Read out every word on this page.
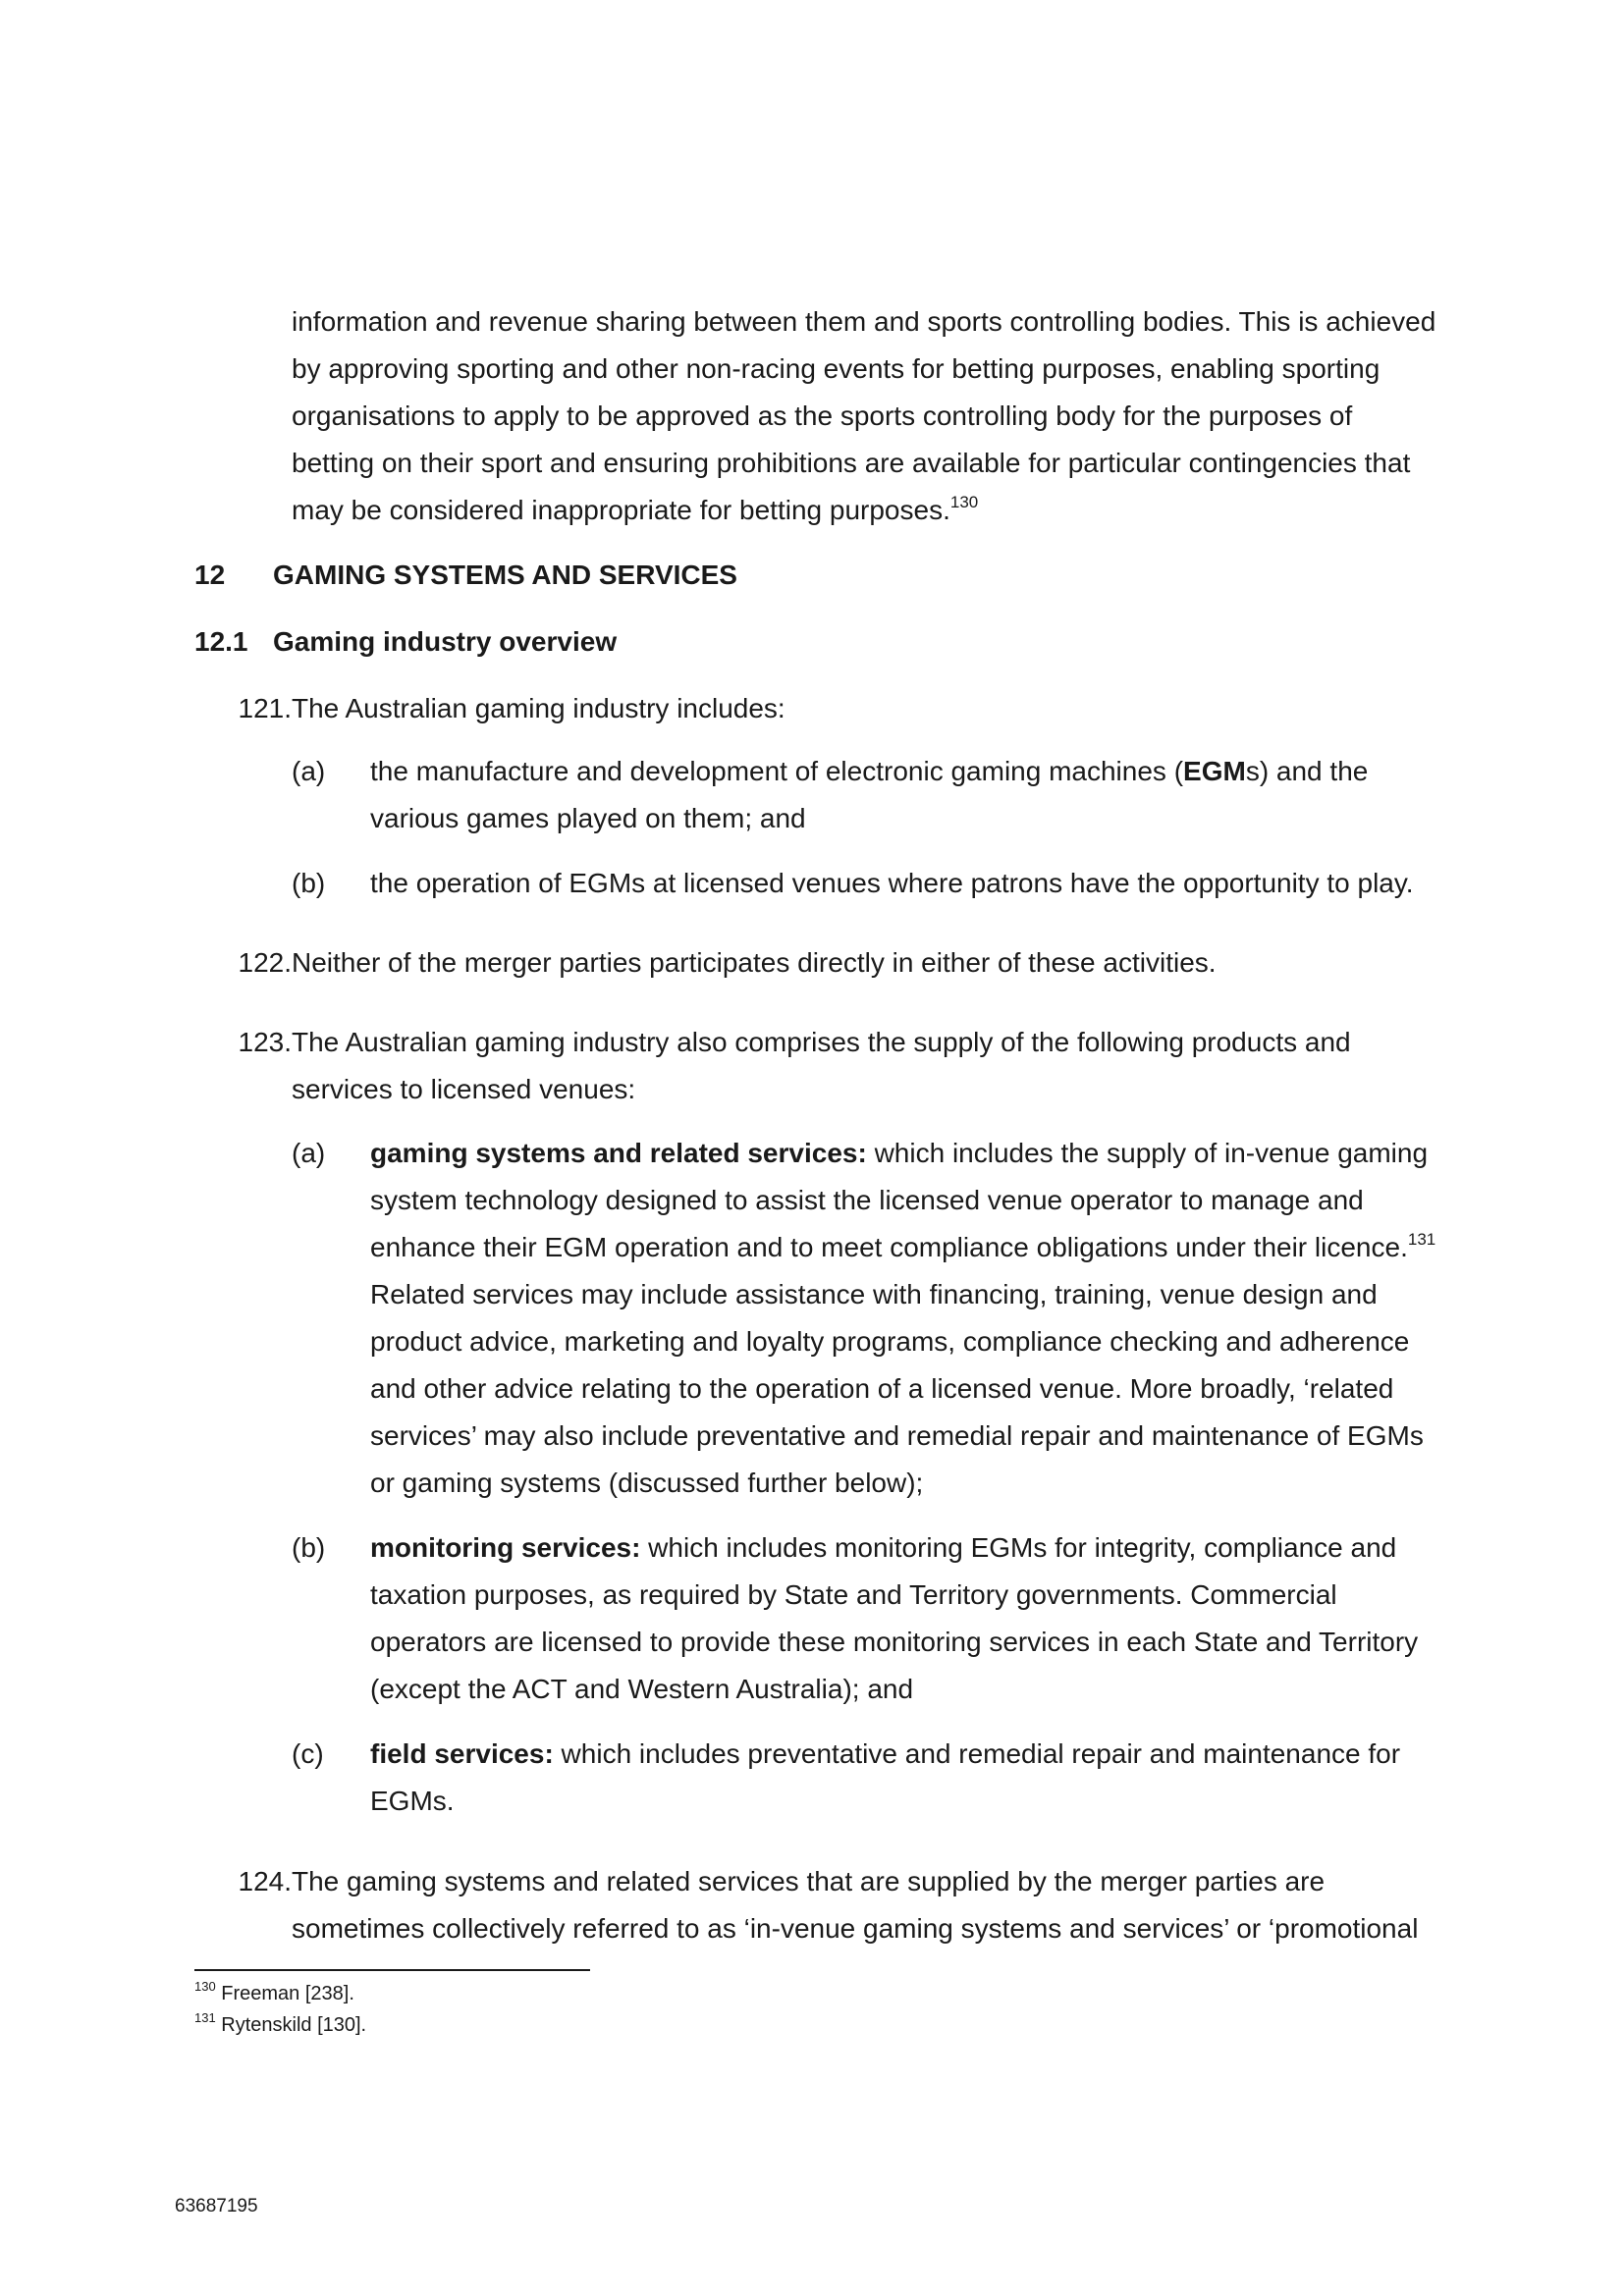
information and revenue sharing between them and sports controlling bodies. This is achieved by approving sporting and other non-racing events for betting purposes, enabling sporting organisations to apply to be approved as the sports controlling body for the purposes of betting on their sport and ensuring prohibitions are available for particular contingencies that may be considered inappropriate for betting purposes.$^{130}$
12	GAMING SYSTEMS AND SERVICES
12.1 Gaming industry overview
121. The Australian gaming industry includes:
(a)	the manufacture and development of electronic gaming machines (EGMs) and the various games played on them; and
(b)	the operation of EGMs at licensed venues where patrons have the opportunity to play.
122. Neither of the merger parties participates directly in either of these activities.
123. The Australian gaming industry also comprises the supply of the following products and services to licensed venues:
(a)	gaming systems and related services: which includes the supply of in-venue gaming system technology designed to assist the licensed venue operator to manage and enhance their EGM operation and to meet compliance obligations under their licence.$^{131}$ Related services may include assistance with financing, training, venue design and product advice, marketing and loyalty programs, compliance checking and adherence and other advice relating to the operation of a licensed venue. More broadly, ‘related services’ may also include preventative and remedial repair and maintenance of EGMs or gaming systems (discussed further below);
(b)	monitoring services: which includes monitoring EGMs for integrity, compliance and taxation purposes, as required by State and Territory governments. Commercial operators are licensed to provide these monitoring services in each State and Territory (except the ACT and Western Australia); and
(c)	field services: which includes preventative and remedial repair and maintenance for EGMs.
124. The gaming systems and related services that are supplied by the merger parties are sometimes collectively referred to as ‘in-venue gaming systems and services’ or ‘promotional
$^{130}$ Freeman [238].
$^{131}$ Rytenskild [130].
63687195
